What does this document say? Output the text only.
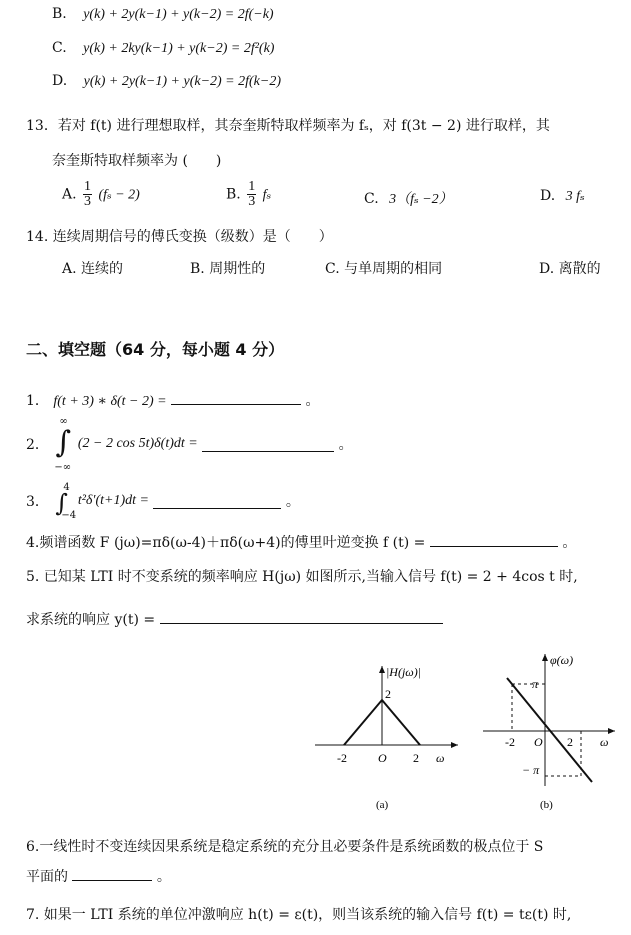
B. y(k) + 2y(k−1) + y(k−2) = 2f(−k)
C. y(k) + 2ky(k−1) + y(k−2) = 2f²(k)
D. y(k) + 2y(k−1) + y(k−2) = 2f(k−2)
13．若对 f(t) 进行理想取样，其奈奎斯特取样频率为 fₛ，对 f(3t − 2) 进行取样，其
奈奎斯特取样频率为 (　　)
A. $\frac{1}{3} (f_s - 2)$	B. $\frac{1}{3}$ fₛ	C. 3（fₛ −2）	D. 3 fₛ
14. 连续周期信号的傅氏变换（级数）是（　　）
A. 连续的	B. 周期性的	C. 与单周期的相同	D. 离散的
二、填空题（64 分，每小题 4 分）
1． f(t + 3) ∗ δ(t − 2) =	。
2．
∞
∫
−∞
(2 − 2 cos 5t)δ(t)dt =	。
3．
4
∫
−4
t²δ′(t+1)dt =	。
4.频谱函数 F (jω)=πδ(ω-4)＋πδ(ω+4)的傅里叶逆变换 f (t) =	。
5. 已知某 LTI 时不变系统的频率响应 H(jω) 如图所示,当输入信号 f(t) = 2 + 4cos t 时,
求系统的响应 y(t) =
|H(jω)|
2
-2	O 2 ω
(a)
φ(ω)
π
− π
-2 O 2 ω
(b)
6.一线性时不变连续因果系统是稳定系统的充分且必要条件是系统函数的极点位于 S
平面的	。
7. 如果一 LTI 系统的单位冲激响应 h(t) = ε(t)，则当该系统的输入信号 f(t) = tε(t) 时,
